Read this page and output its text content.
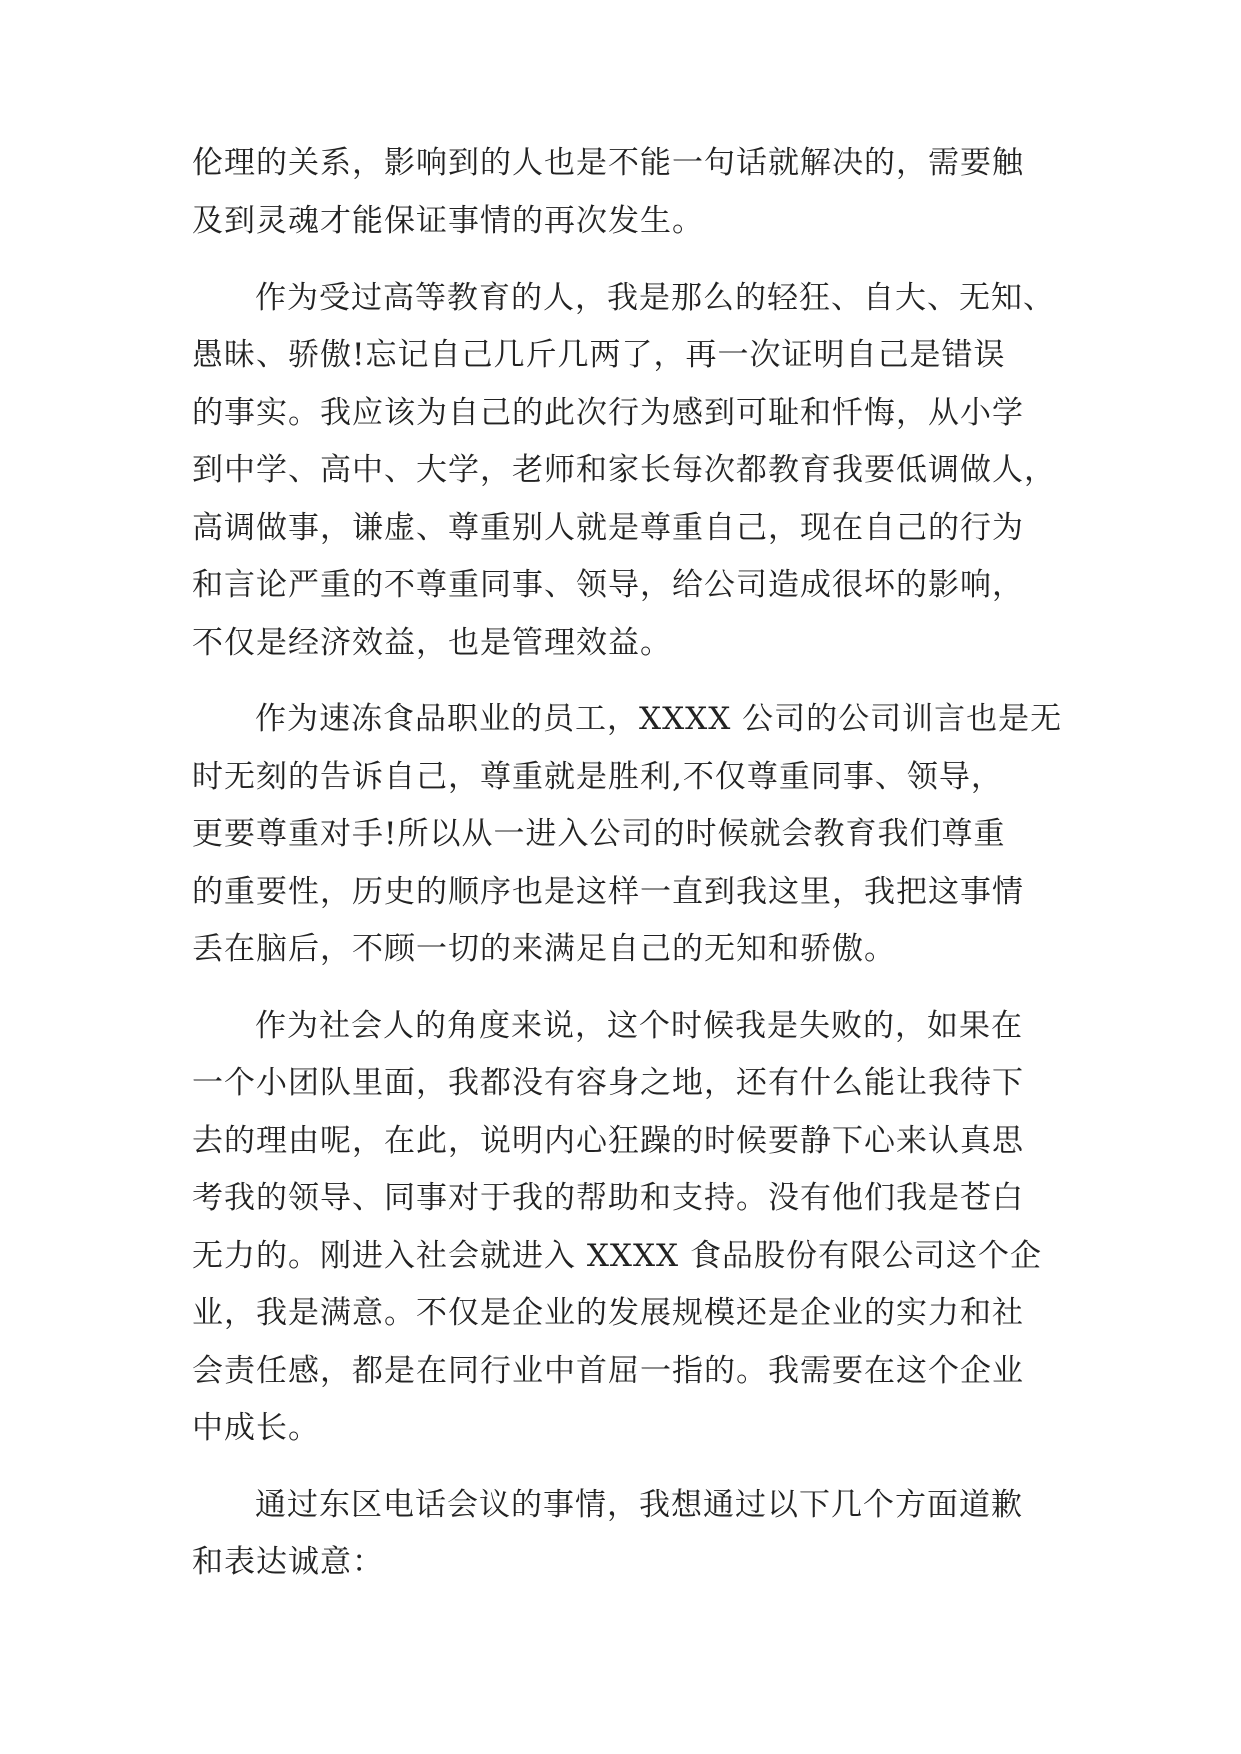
伦理的关系，影响到的人也是不能一句话就解决的，需要触

及到灵魂才能保证事情的再次发生。

作为受过高等教育的人，我是那么的轻狂、自大、无知、

愚昧、骄傲!忘记自己几斤几两了，再一次证明自己是错误

的事实。我应该为自己的此次行为感到可耻和忏悔，从小学

到中学、高中、大学，老师和家长每次都教育我要低调做人，

高调做事，谦虚、尊重别人就是尊重自己，现在自己的行为

和言论严重的不尊重同事、领导，给公司造成很坏的影响，

不仅是经济效益，也是管理效益。

作为速冻食品职业的员工，XXXX 公司的公司训言也是无

时无刻的告诉自己，尊重就是胜利,不仅尊重同事、领导，

更要尊重对手!所以从一进入公司的时候就会教育我们尊重

的重要性，历史的顺序也是这样一直到我这里，我把这事情

丢在脑后，不顾一切的来满足自己的无知和骄傲。

作为社会人的角度来说，这个时候我是失败的，如果在

一个小团队里面，我都没有容身之地，还有什么能让我待下

去的理由呢，在此，说明内心狂躁的时候要静下心来认真思

考我的领导、同事对于我的帮助和支持。没有他们我是苍白

无力的。刚进入社会就进入 XXXX 食品股份有限公司这个企

业，我是满意。不仅是企业的发展规模还是企业的实力和社

会责任感，都是在同行业中首屈一指的。我需要在这个企业

中成长。

通过东区电话会议的事情，我想通过以下几个方面道歉

和表达诚意：
